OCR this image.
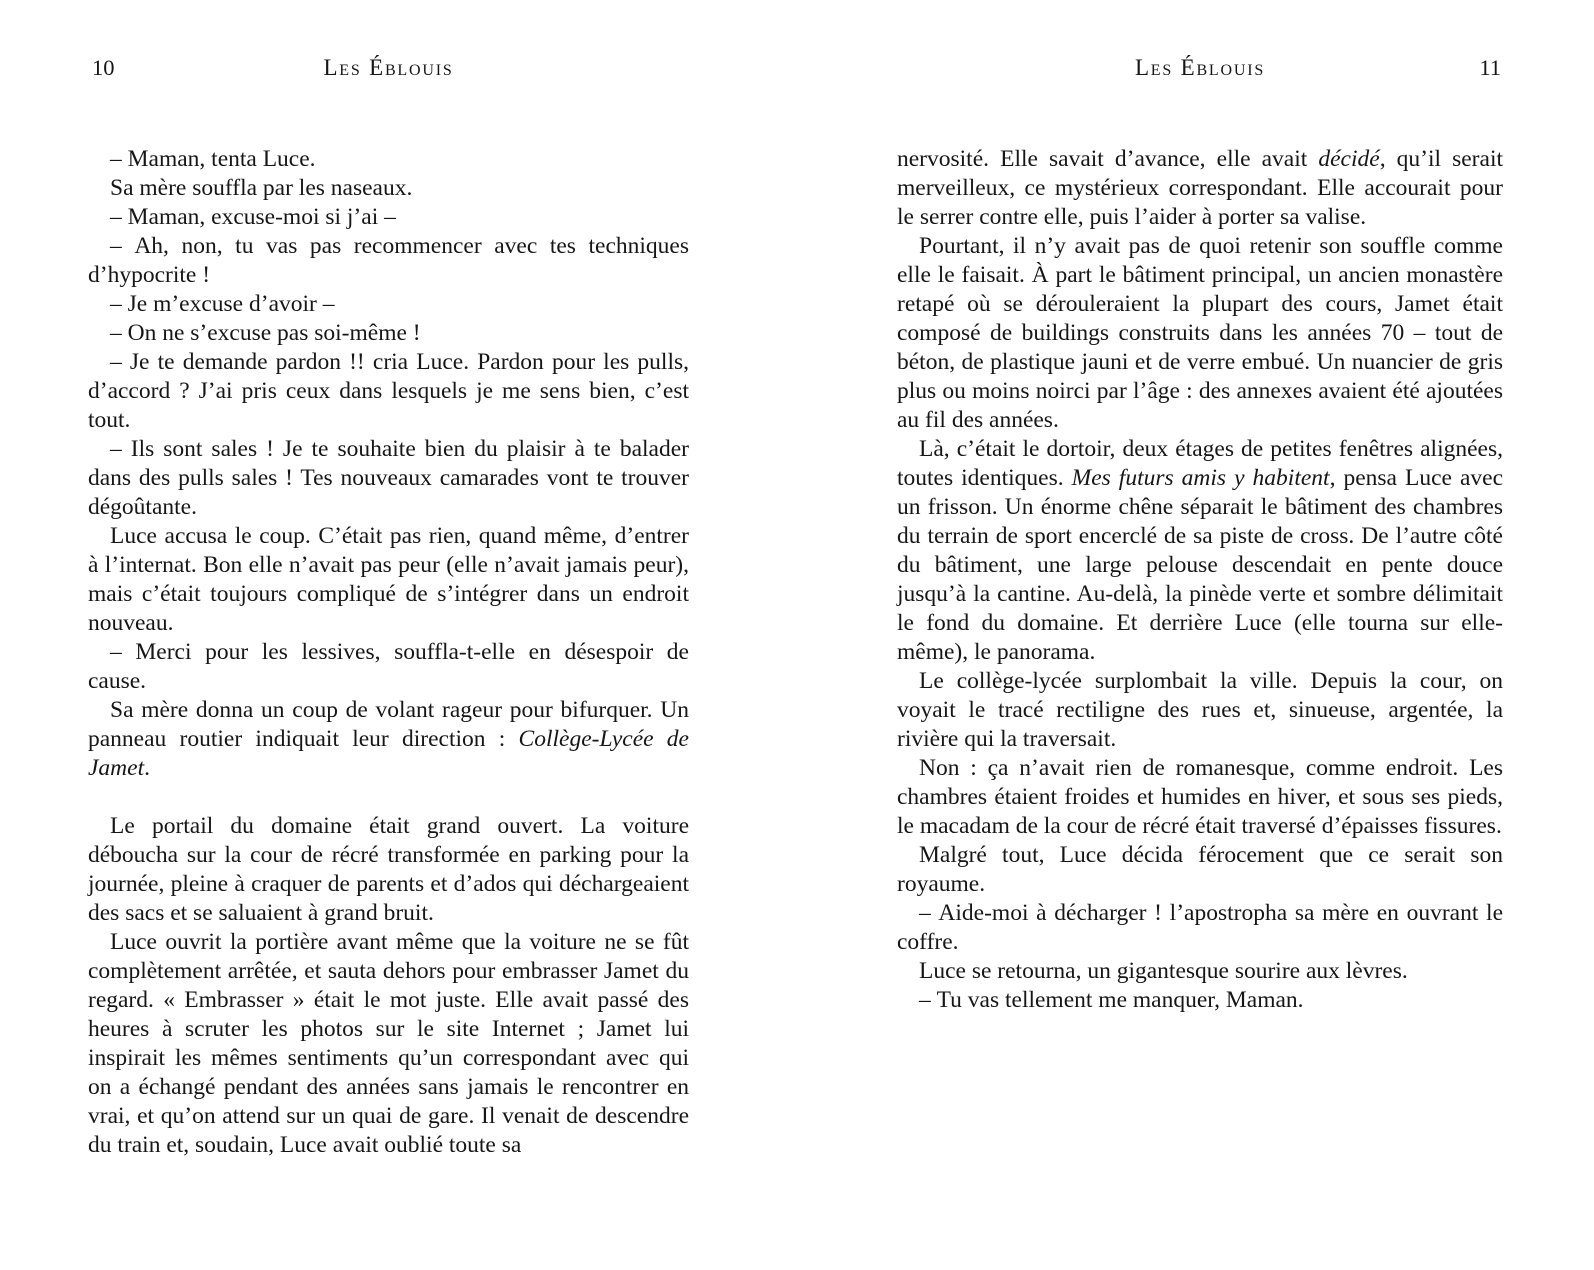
10	Les Éblouis

– Maman, tenta Luce.

Sa mère souffla par les naseaux.

– Maman, excuse-moi si j’ai –

– Ah, non, tu vas pas recommencer avec tes techniques d’hypocrite !

– Je m’excuse d’avoir –

– On ne s’excuse pas soi-même !

– Je te demande pardon !! cria Luce. Pardon pour les pulls, d’accord ? J’ai pris ceux dans lesquels je me sens bien, c’est tout.

– Ils sont sales ! Je te souhaite bien du plaisir à te balader dans des pulls sales ! Tes nouveaux camarades vont te trouver dégoûtante.

Luce accusa le coup. C’était pas rien, quand même, d’entrer à l’internat. Bon elle n’avait pas peur (elle n’avait jamais peur), mais c’était toujours compliqué de s’intégrer dans un endroit nouveau.

– Merci pour les lessives, souffla-t-elle en désespoir de cause.

Sa mère donna un coup de volant rageur pour bifurquer. Un panneau routier indiquait leur direction : Collège-Lycée de Jamet.

Le portail du domaine était grand ouvert. La voiture déboucha sur la cour de récré transformée en parking pour la journée, pleine à craquer de parents et d’ados qui déchargeaient des sacs et se saluaient à grand bruit.

Luce ouvrit la portière avant même que la voiture ne se fût complètement arrêtée, et sauta dehors pour embrasser Jamet du regard. « Embrasser » était le mot juste. Elle avait passé des heures à scruter les photos sur le site Internet ; Jamet lui inspirait les mêmes sentiments qu’un correspondant avec qui on a échangé pendant des années sans jamais le rencontrer en vrai, et qu’on attend sur un quai de gare. Il venait de descendre du train et, soudain, Luce avait oublié toute sa

Les Éblouis	11

nervosité. Elle savait d’avance, elle avait décidé, qu’il serait merveilleux, ce mystérieux correspondant. Elle accourait pour le serrer contre elle, puis l’aider à porter sa valise.

Pourtant, il n’y avait pas de quoi retenir son souffle comme elle le faisait. À part le bâtiment principal, un ancien monastère retapé où se dérouleraient la plupart des cours, Jamet était composé de buildings construits dans les années 70 – tout de béton, de plastique jauni et de verre embué. Un nuancier de gris plus ou moins noirci par l’âge : des annexes avaient été ajoutées au fil des années.

Là, c’était le dortoir, deux étages de petites fenêtres alignées, toutes identiques. Mes futurs amis y habitent, pensa Luce avec un frisson. Un énorme chêne séparait le bâtiment des chambres du terrain de sport encerclé de sa piste de cross. De l’autre côté du bâtiment, une large pelouse descendait en pente douce jusqu’à la cantine. Au-delà, la pinède verte et sombre délimitait le fond du domaine. Et derrière Luce (elle tourna sur elle-même), le panorama.

Le collège-lycée surplombait la ville. Depuis la cour, on voyait le tracé rectiligne des rues et, sinueuse, argentée, la rivière qui la traversait.

Non : ça n’avait rien de romanesque, comme endroit. Les chambres étaient froides et humides en hiver, et sous ses pieds, le macadam de la cour de récré était traversé d’épaisses fissures.

Malgré tout, Luce décida férocement que ce serait son royaume.

– Aide-moi à décharger ! l’apostropha sa mère en ouvrant le coffre.

Luce se retourna, un gigantesque sourire aux lèvres.

– Tu vas tellement me manquer, Maman.
